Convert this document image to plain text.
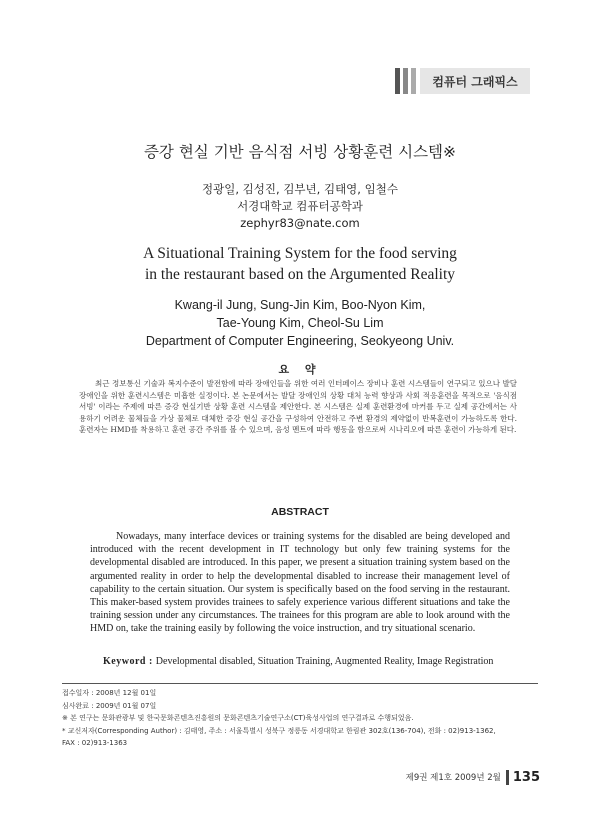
컴퓨터 그래픽스
증강 현실 기반 음식점 서빙 상황훈련 시스템※
정광일, 김성진, 김부년, 김태영, 임철수
서경대학교 컴퓨터공학과
zephyr83@nate.com
A Situational Training System for the food serving
in the restaurant based on the Argumented Reality
Kwang-il Jung, Sung-Jin Kim, Boo-Nyon Kim,
Tae-Young Kim, Cheol-Su Lim
Department of Computer Engineering, Seokyeong Univ.
요 약

최근 정보통신 기술과 복지수준이 발전함에 따라 장애인들을 위한 여러 인터페이스 장비나 훈련 시스템들이 연구되고 있으나 발달 장애인을 위한 훈련시스템은 미흡한 실정이다. 본 논문에서는 발달 장애인의 상황 대처 능력 향상과 사회 적응훈련을 목적으로 '음식점 서빙' 이라는 주제에 따른 증강 현실기반 상황 훈련 시스템을 제안한다. 본 시스템은 실제 훈련환경에 마커를 두고 실제 공간에서는 사용하기 어려운 물체들을 가상 물체로 대체한 증강 현실 공간을 구성하여 안전하고 주변 환경의 제약없이 반복훈련이 가능하도록 한다. 훈련자는 HMD를 착용하고 훈련 공간 주위를 볼 수 있으며, 음성 멘트에 따라 행동을 함으로써 시나리오에 따른 훈련이 가능하게 된다.

ABSTRACT

Nowadays, many interface devices or training systems for the disabled are being developed and introduced with the recent development in IT technology but only few training systems for the developmental disabled are introduced. In this paper, we present a situation training system based on the argumented reality in order to help the developmental disabled to increase their management level of capability to the certain situation. Our system is specifically based on the food serving in the restaurant. This maker-based system provides trainees to safely experience various different situations and take the training session under any circumstances. The trainees for this program are able to look around with the HMD on, take the training easily by following the voice instruction, and try situational scenario.

Keyword : Developmental disabled, Situation Training, Augmented Reality, Image Registration
접수일자 : 2008년 12월 01일
심사완료 : 2009년 01월 07일
※ 본 연구는 문화관광부 및 한국문화콘텐츠진흥원의 문화콘텐츠기술연구소(CT)육성사업의 연구결과로 수행되었음.
* 교신저자(Corresponding Author) : 김태영, 주소 : 서울특별시 성북구 정릉동 서경대학교 한림관 302호(136-704), 전화 : 02)913-1362,
FAX : 02)913-1363
제9권 제1호 2009년 2월 135
